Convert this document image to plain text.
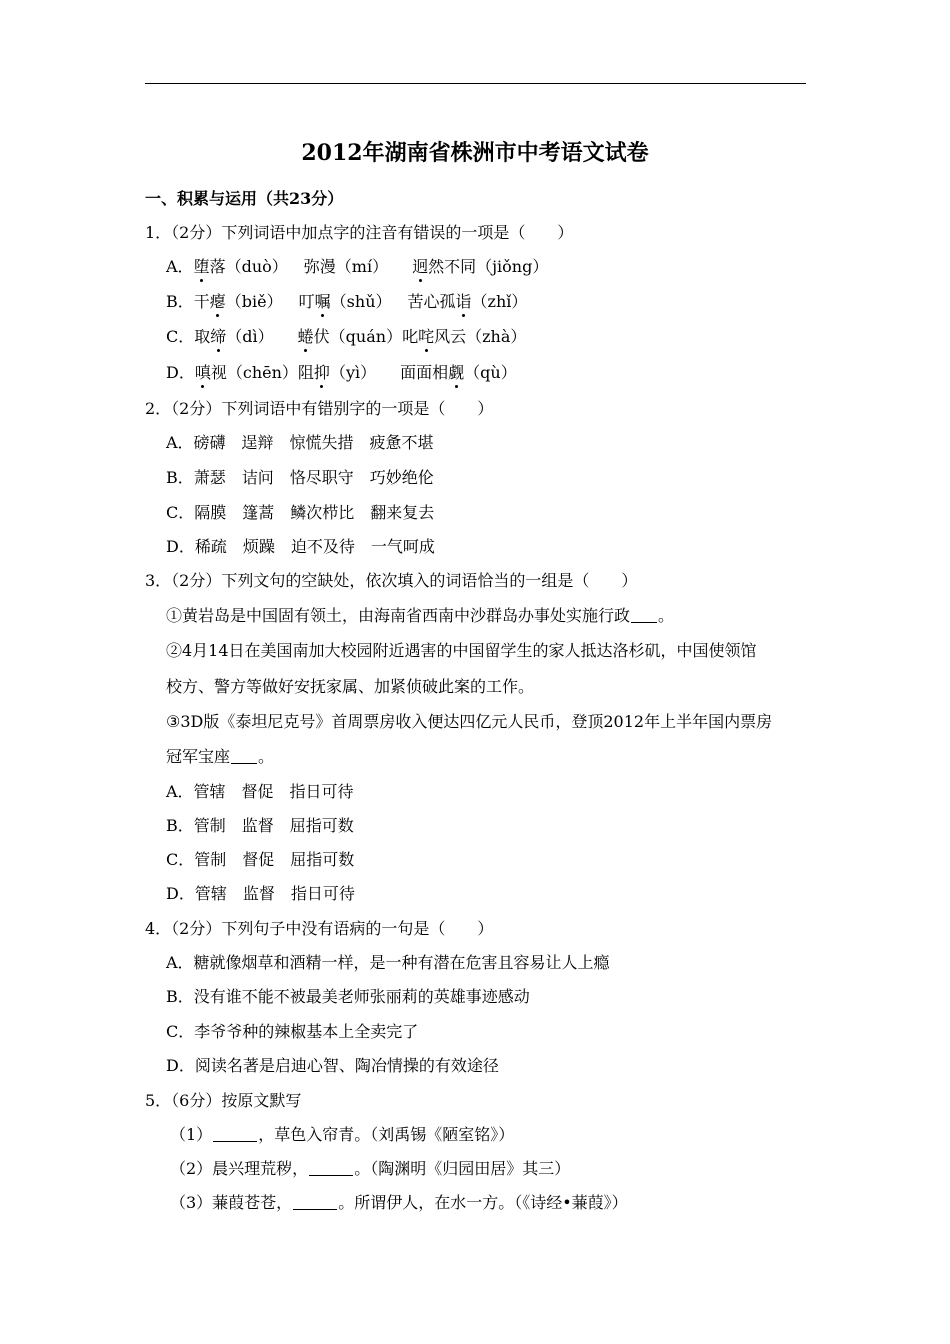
2012年湖南省株洲市中考语文试卷
一、积累与运用（共23分）
1．（2分）下列词语中加点字的注音有错误的一项是（　　）
A．堕落（duò） 弥漫（mí） 迥然不同（jiǒng）
B．干瘪（biě） 叮嘱（shǔ） 苦心孤诣（zhǐ）
C．取缔（dì） 蜷伏（quán）叱咤风云（zhà）
D．嗔视（chēn）阻抑（yì） 面面相觑（qù）
2．（2分）下列词语中有错别字的一项是（　　）
A．磅礴　逞辩　惊慌失措　疲惫不堪
B．萧瑟　诘问　恪尽职守　巧妙绝伦
C．隔膜　篷蒿　鳞次栉比　翻来复去
D．稀疏　烦躁　迫不及待　一气呵成
3．（2分）下列文句的空缺处，依次填入的词语恰当的一组是（　　）
①黄岩岛是中国固有领土，由海南省西南中沙群岛办事处实施行政 。
②4月14日在美国南加大校园附近遇害的中国留学生的家人抵达洛杉矶，中国使领馆
校方、警方等做好安抚家属、加紧侦破此案的工作。
③3D版《泰坦尼克号》首周票房收入便达四亿元人民币，登顶2012年上半年国内票房
冠军宝座 。
A．管辖　督促　指日可待
B．管制　监督　屈指可数
C．管制　督促　屈指可数
D．管辖　监督　指日可待
4．（2分）下列句子中没有语病的一句是（　　）
A．糖就像烟草和酒精一样，是一种有潜在危害且容易让人上瘾
B．没有谁不能不被最美老师张丽莉的英雄事迹感动
C．李爷爷种的辣椒基本上全卖完了
D．阅读名著是启迪心智、陶冶情操的有效途径
5．（6分）按原文默写
（1）	，草色入帘青。（刘禹锡《陋室铭》）
（2）晨兴理荒秽，	。（陶渊明《归园田居》其三）
（3）蒹葭苍苍，	。所谓伊人，在水一方。（《诗经•蒹葭》）
